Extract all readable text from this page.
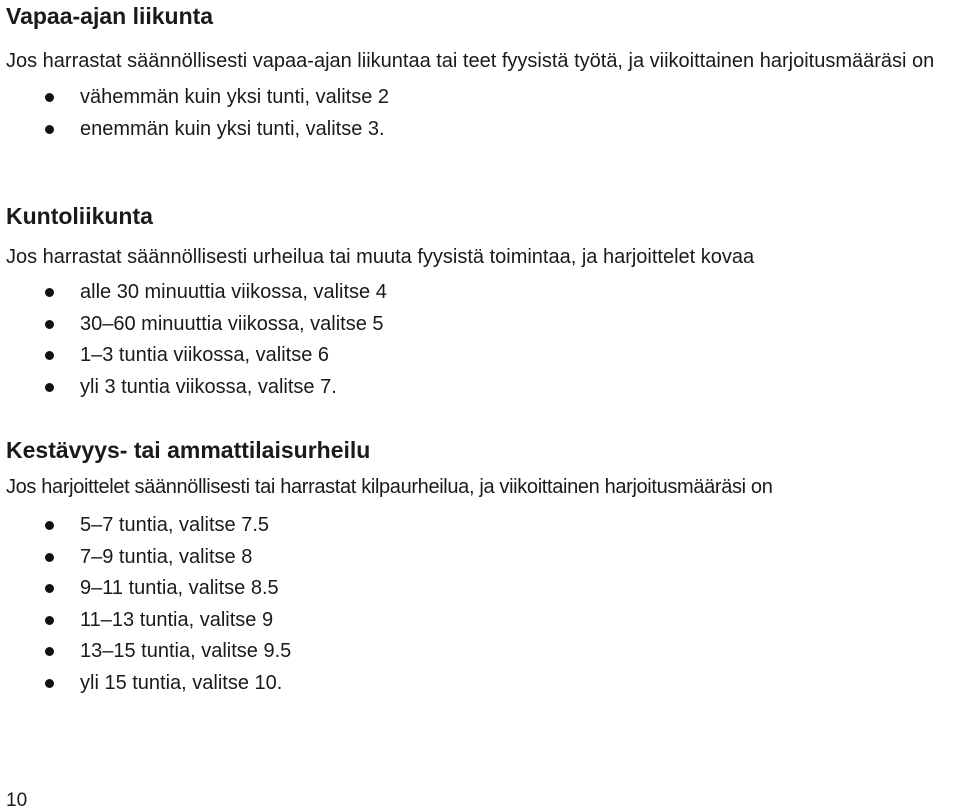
Vapaa-ajan liikunta

Jos harrastat säännöllisesti vapaa-ajan liikuntaa tai teet fyysistä työtä, ja viikoittainen harjoitusmääräsi on

vähemmän kuin yksi tunti, valitse 2
enemmän kuin yksi tunti, valitse 3.
Kuntoliikunta

Jos harrastat säännöllisesti urheilua tai muuta fyysistä toimintaa, ja harjoittelet kovaa

alle 30 minuuttia viikossa, valitse 4
30–60 minuuttia viikossa, valitse 5
1–3 tuntia viikossa, valitse 6
yli 3 tuntia viikossa, valitse 7.
Kestävyys- tai ammattilaisurheilu

Jos harjoittelet säännöllisesti tai harrastat kilpaurheilua, ja viikoittainen harjoitusmääräsi on

5–7 tuntia, valitse 7.5
7–9 tuntia, valitse 8
9–11 tuntia, valitse 8.5
11–13 tuntia, valitse 9
13–15 tuntia, valitse 9.5
yli 15 tuntia, valitse 10.
10
